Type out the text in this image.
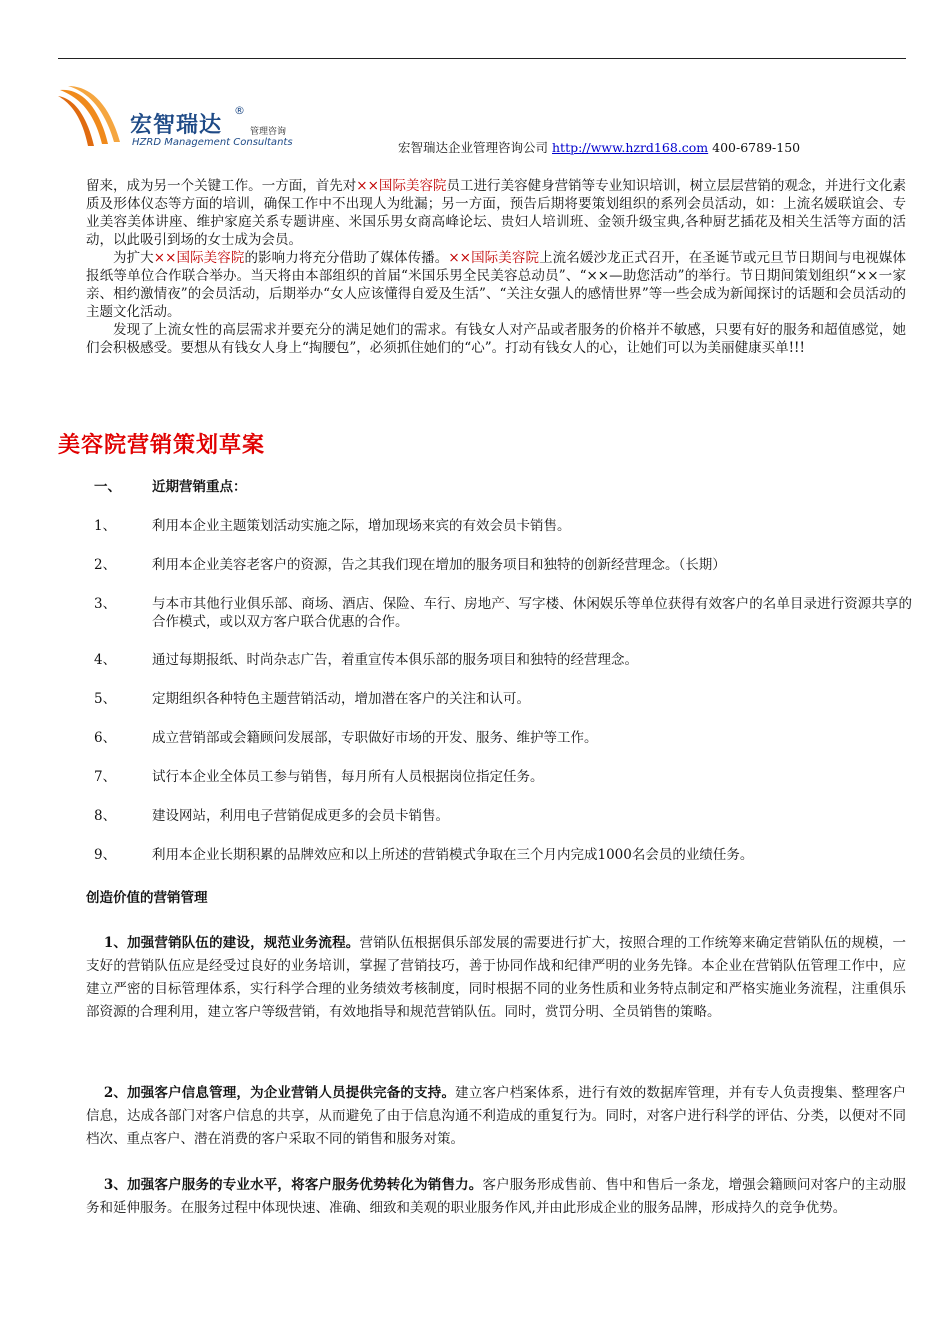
宏智瑞达
®
管理咨询
HZRD Management Consultants	宏智瑞达企业管理咨询公司 http://www.hzrd168.com 400-6789-150

留来，成为另一个关键工作。一方面，首先对××国际美容院员工进行美容健身营销等专业知识培训，树立层层营销的观念，并进行文化素质及形体仪态等方面的培训，确保工作中不出现人为纰漏；另一方面，预告后期将要策划组织的系列会员活动，如：上流名媛联谊会、专业美容美体讲座、维护家庭关系专题讲座、米国乐男女商高峰论坛、贵妇人培训班、金领升级宝典,各种厨艺插花及相关生活等方面的活动，以此吸引到场的女士成为会员。

为扩大××国际美容院的影响力将充分借助了媒体传播。××国际美容院上流名媛沙龙正式召开，在圣诞节或元旦节日期间与电视媒体报纸等单位合作联合举办。当天将由本部组织的首届“米国乐男全民美容总动员”、“××—助您活动”的举行。节日期间策划组织“××一家亲、相约激情夜”的会员活动，后期举办“女人应该懂得自爱及生活”、“关注女强人的感情世界”等一些会成为新闻探讨的话题和会员活动的主题文化活动。

发现了上流女性的高层需求并要充分的满足她们的需求。有钱女人对产品或者服务的价格并不敏感，只要有好的服务和超值感觉，她们会积极感受。要想从有钱女人身上“掏腰包”，必须抓住她们的“心”。打动有钱女人的心，让她们可以为美丽健康买单!!!

美容院营销策划草案
一、 近期营销重点：
1、	利用本企业主题策划活动实施之际，增加现场来宾的有效会员卡销售。
2、	利用本企业美容老客户的资源，告之其我们现在增加的服务项目和独特的创新经营理念。（长期）
3、	与本市其他行业俱乐部、商场、酒店、保险、车行、房地产、写字楼、休闲娱乐等单位获得有效客户的名单目录进行资源共享的合作模式，或以双方客户联合优惠的合作。
4、	通过每期报纸、时尚杂志广告，着重宣传本俱乐部的服务项目和独特的经营理念。
5、	定期组织各种特色主题营销活动，增加潜在客户的关注和认可。
6、	成立营销部或会籍顾问发展部，专职做好市场的开发、服务、维护等工作。
7、	试行本企业全体员工参与销售，每月所有人员根据岗位指定任务。
8、	建设网站，利用电子营销促成更多的会员卡销售。
9、	利用本企业长期积累的品牌效应和以上所述的营销模式争取在三个月内完成1000名会员的业绩任务。
创造价值的营销管理
1、加强营销队伍的建设，规范业务流程。营销队伍根据俱乐部发展的需要进行扩大，按照合理的工作统筹来确定营销队伍的规模，一支好的营销队伍应是经受过良好的业务培训，掌握了营销技巧，善于协同作战和纪律严明的业务先锋。本企业在营销队伍管理工作中，应建立严密的目标管理体系，实行科学合理的业务绩效考核制度，同时根据不同的业务性质和业务特点制定和严格实施业务流程，注重俱乐部资源的合理利用，建立客户等级营销，有效地指导和规范营销队伍。同时，赏罚分明、全员销售的策略。
2、加强客户信息管理，为企业营销人员提供完备的支持。建立客户档案体系，进行有效的数据库管理，并有专人负责搜集、整理客户信息，达成各部门对客户信息的共享，从而避免了由于信息沟通不利造成的重复行为。同时，对客户进行科学的评估、分类，以便对不同档次、重点客户、潜在消费的客户采取不同的销售和服务对策。
3、加强客户服务的专业水平，将客户服务优势转化为销售力。客户服务形成售前、售中和售后一条龙，增强会籍顾问对客户的主动服务和延伸服务。在服务过程中体现快速、准确、细致和美观的职业服务作风,并由此形成企业的服务品牌，形成持久的竞争优势。
